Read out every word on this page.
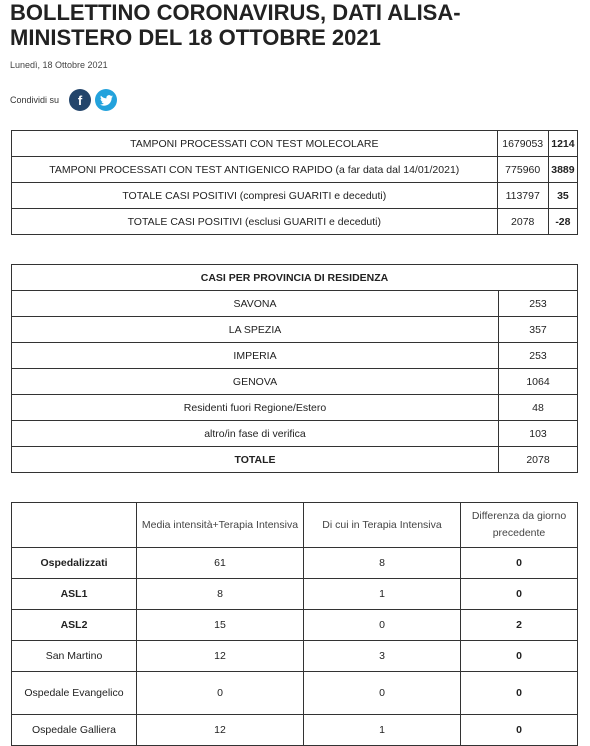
BOLLETTINO CORONAVIRUS, DATI ALISA-MINISTERO DEL 18 OTTOBRE 2021
Lunedì, 18 Ottobre 2021
Condividi su	f
TAMPONI PROCESSATI CON TEST MOLECOLARE	1679053	1214
TAMPONI PROCESSATI CON TEST ANTIGENICO RAPIDO (a far data dal 14/01/2021)	775960	3889
TOTALE CASI POSITIVI (compresi GUARITI e deceduti)	113797	35
TOTALE CASI POSITIVI (esclusi GUARITI e deceduti)	2078	-28
CASI PER PROVINCIA DI RESIDENZA	
SAVONA	253
LA SPEZIA	357
IMPERIA	253
GENOVA	1064
Residenti fuori Regione/Estero	48
altro/in fase di verifica	103
TOTALE	2078
	Media intensità+Terapia Intensiva	Di cui in Terapia Intensiva	Differenza da giorno precedente
Ospedalizzati	61	8	0
ASL1	8	1	0
ASL2	15	0	2
San Martino	12	3	0
Ospedale Evangelico	0	0	0
Ospedale Galliera	12	1	0
